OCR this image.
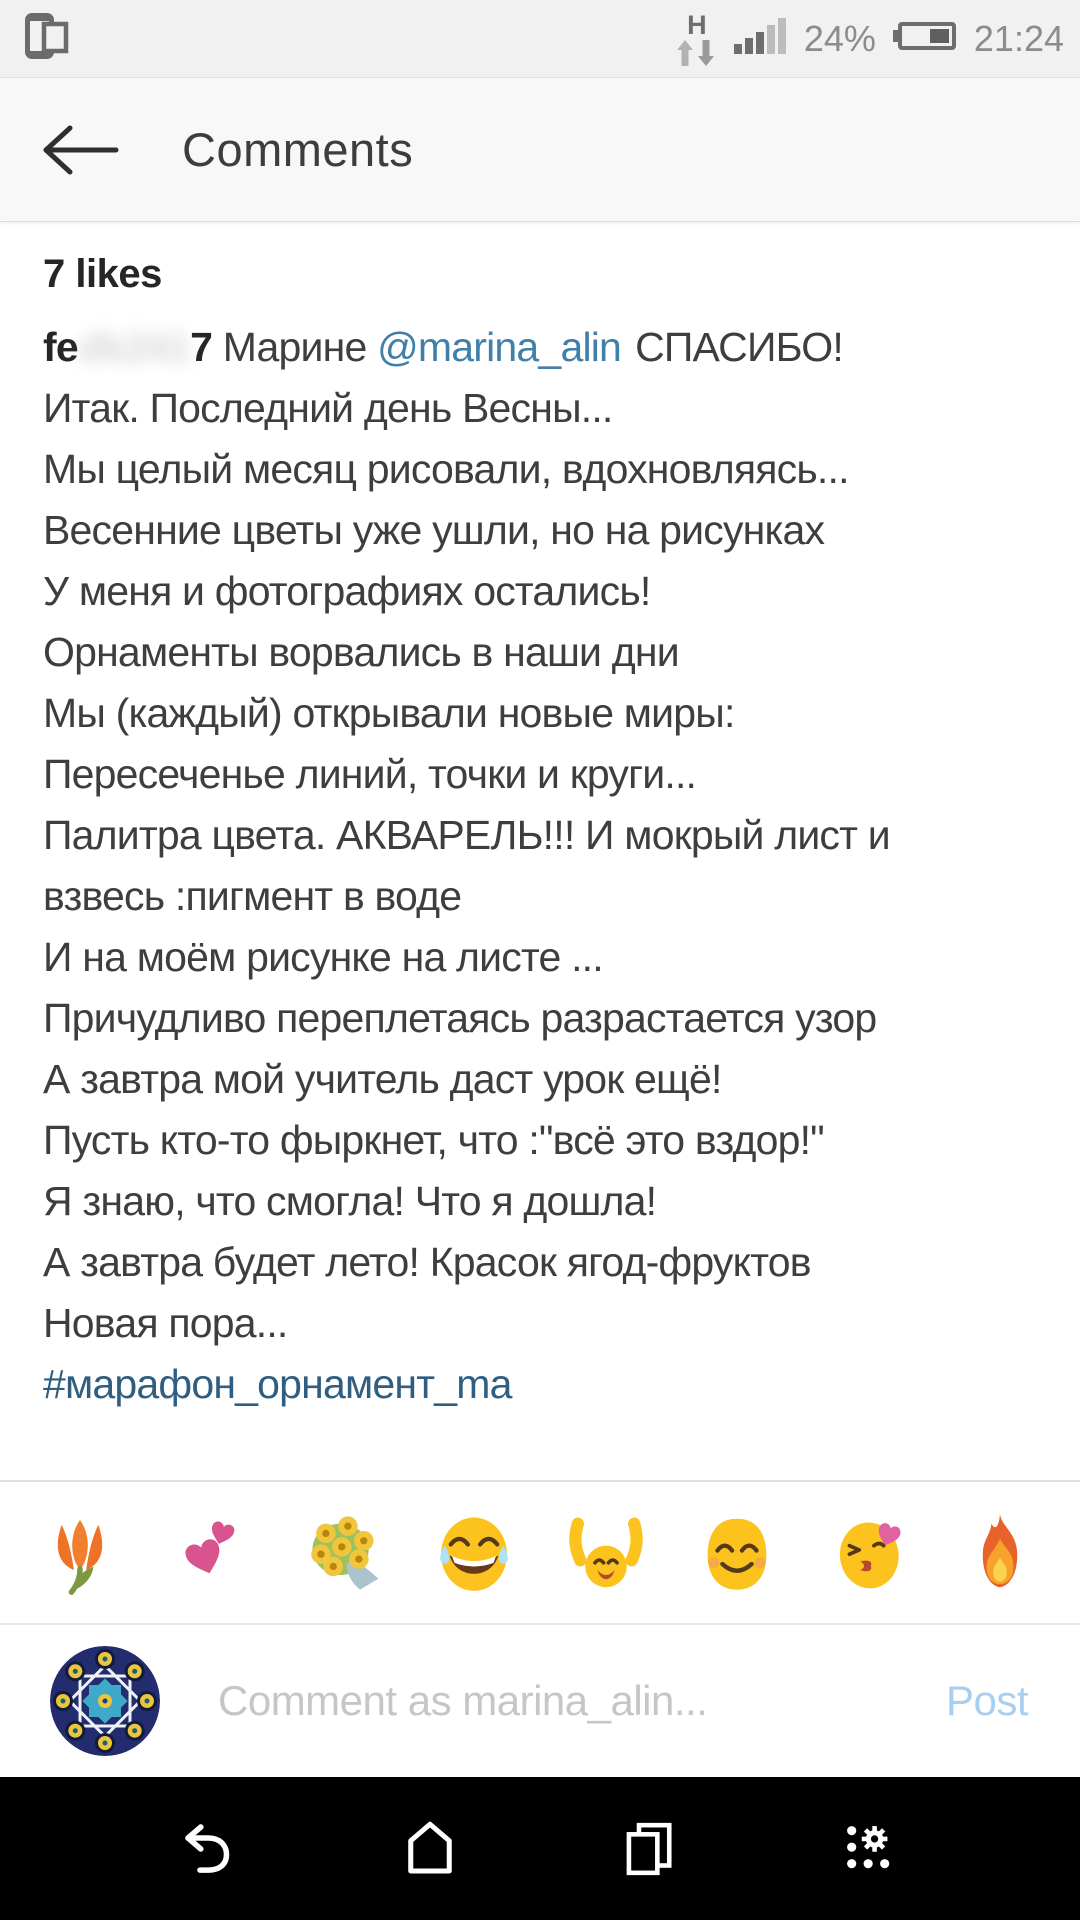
H	24%	21:24
Comments
7 likes
fedk2417 Марине @marina_alin СПАСИБО!
Итак. Последний день Весны...
Мы целый месяц рисовали, вдохновляясь...
Весенние цветы уже ушли, но на рисунках
У меня и фотографиях остались!
Орнаменты ворвались в наши дни
Мы (каждый) открывали новые миры:
Пересеченье линий, точки и круги...
Палитра цвета. АКВАРЕЛЬ!!! И мокрый лист и
взвесь :пигмент в воде
И на моём рисунке на листе ...
Причудливо переплетаясь разрастается узор
А завтра мой учитель даст урок ещё!
Пусть кто-то фыркнет, что :"всё это вздор!"
Я знаю, что смогла! Что я дошла!
А завтра будет лето! Красок ягод-фруктов
Новая пора...
#марафон_орнамент_ma
Comment as marina_alin...
Post
